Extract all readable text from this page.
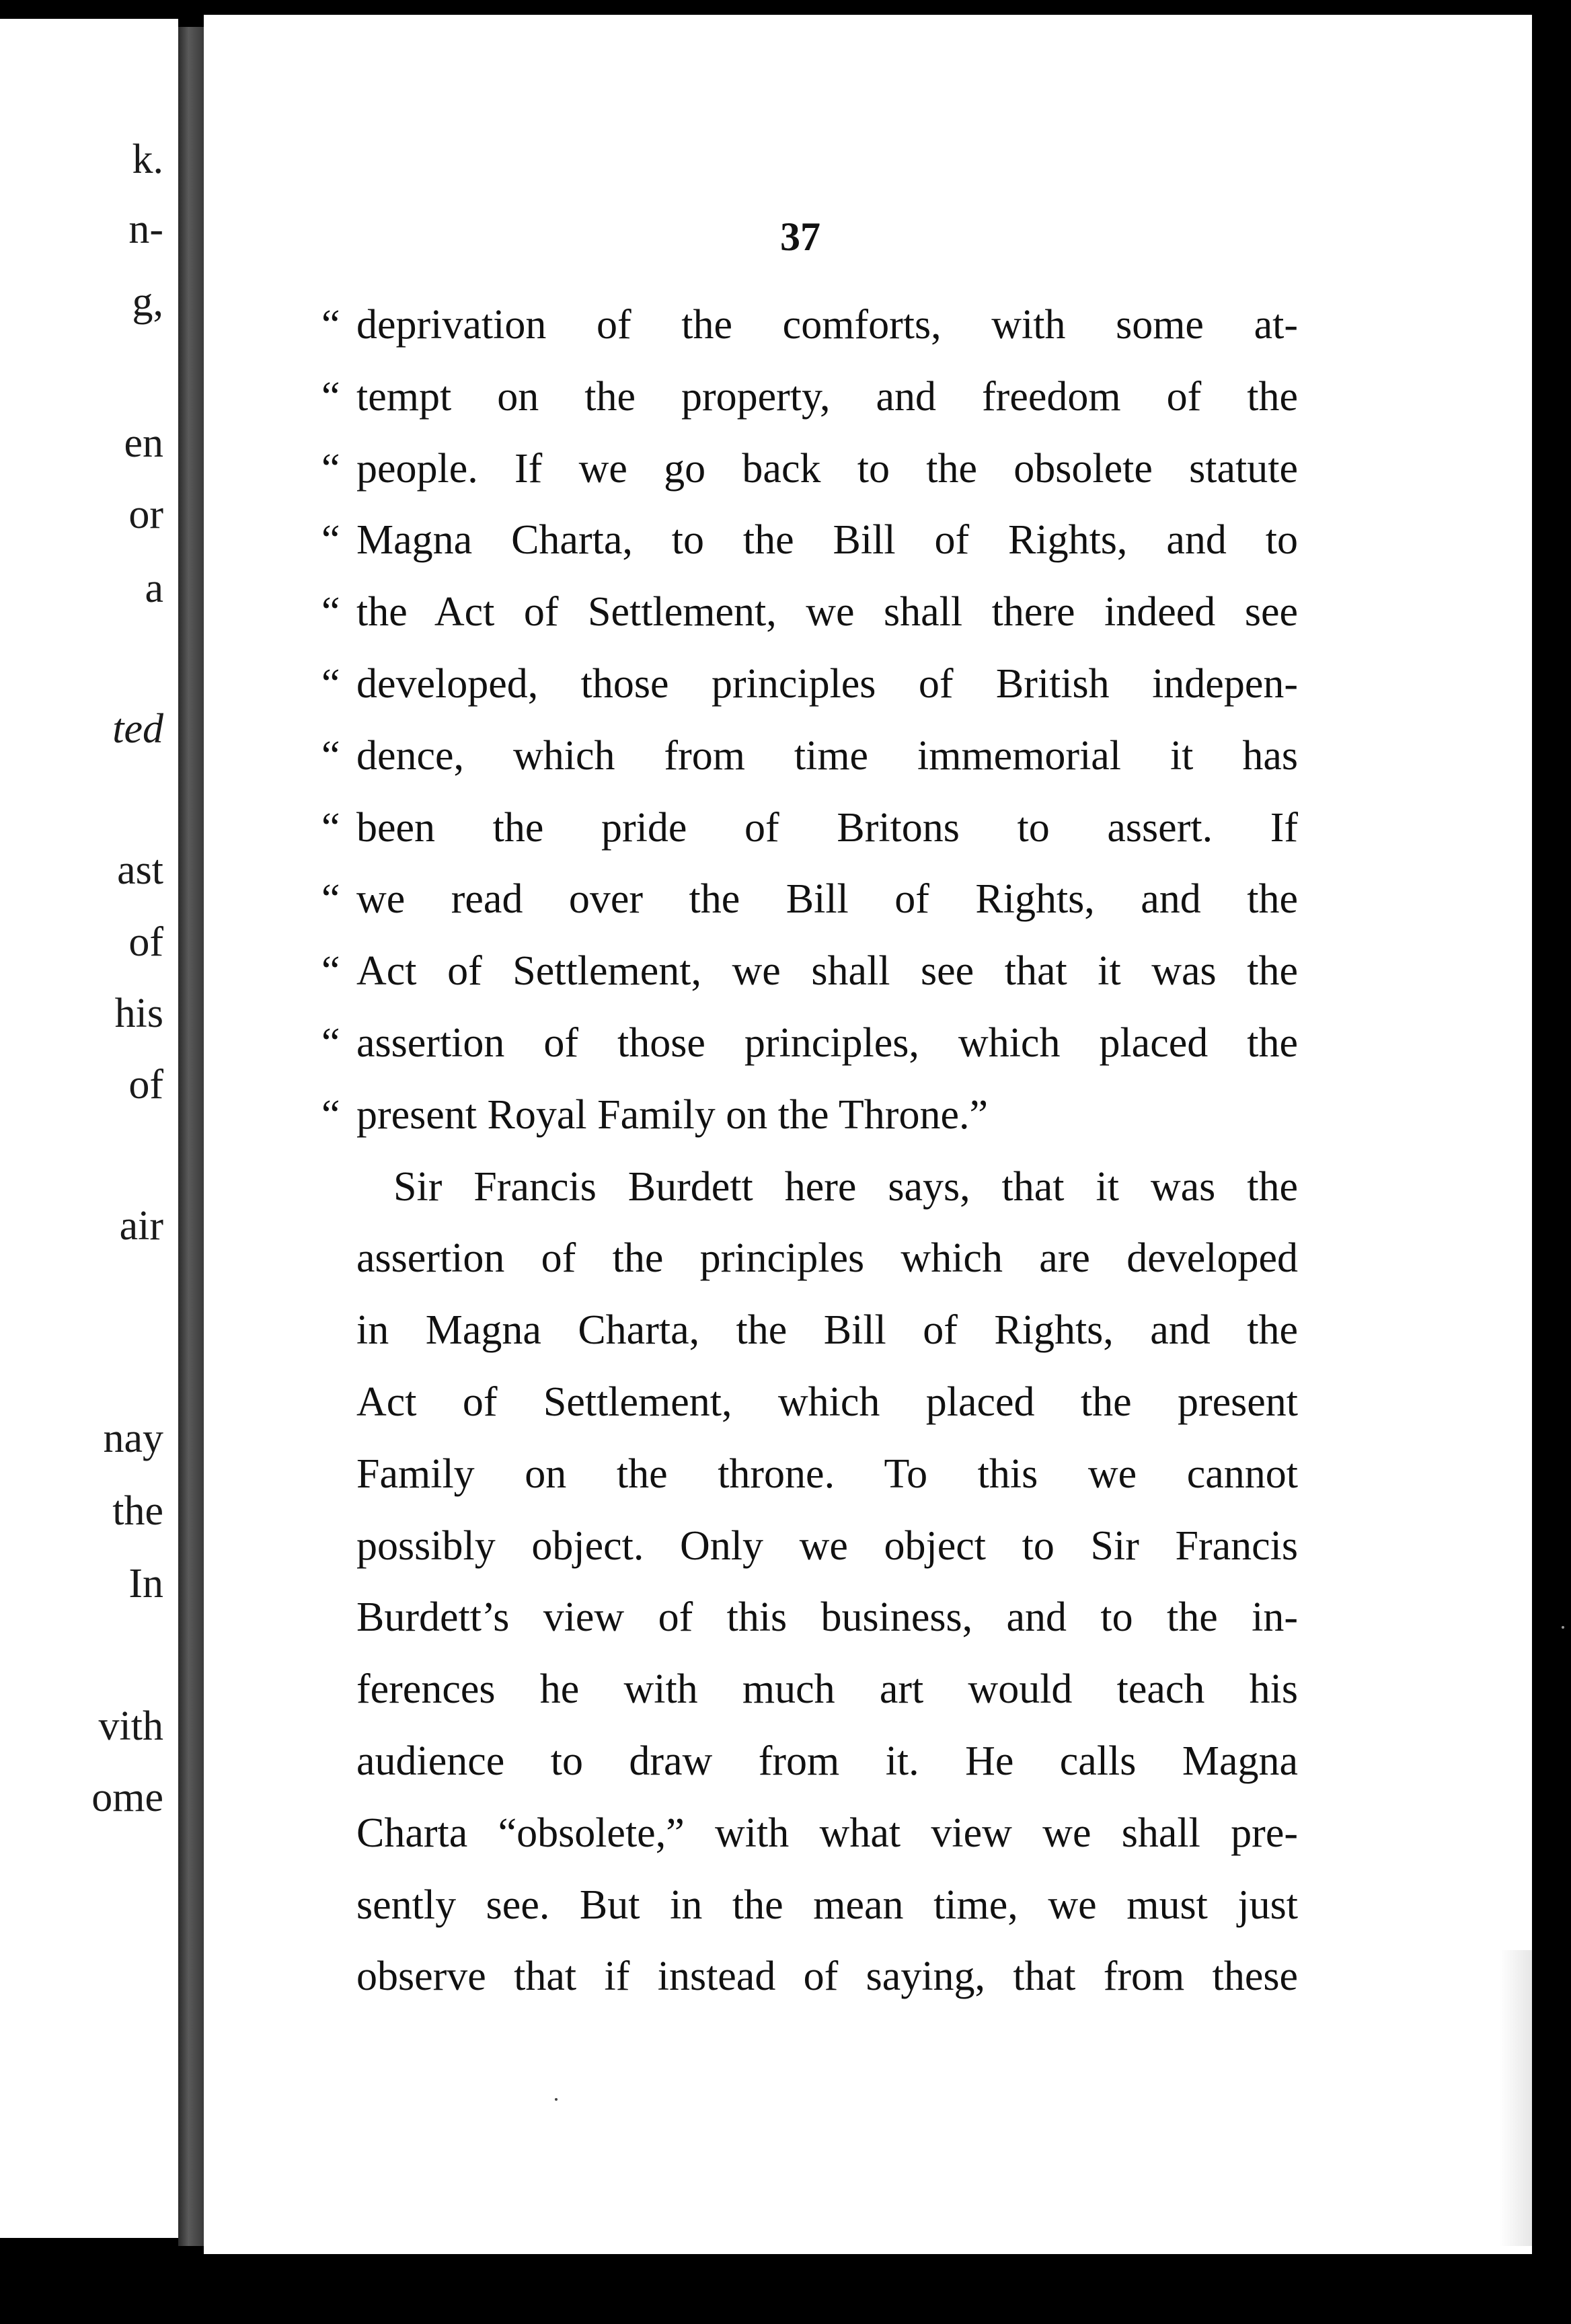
k.
n-
g,
en
or
a
ted
ast
of
his
of
air
nay
the
In
vith
ome
37
“ deprivation of the comforts, with some at-
“ tempt on the property, and freedom of the
“ people. If we go back to the obsolete statute
“ Magna Charta, to the Bill of Rights, and to
“ the Act of Settlement, we shall there indeed see
“ developed, those principles of British indepen-
“ dence, which from time immemorial it has
“ been the pride of Britons to assert. If
“ we read over the Bill of Rights, and the
“ Act of Settlement, we shall see that it was the
“ assertion of those principles, which placed the
“ present Royal Family on the Throne.”
Sir Francis Burdett here says, that it was the
assertion of the principles which are developed
in Magna Charta, the Bill of Rights, and the
Act of Settlement, which placed the present
Family on the throne. To this we cannot
possibly object. Only we object to Sir Francis
Burdett’s view of this business, and to the in-
ferences he with much art would teach his
audience to draw from it. He calls Magna
Charta “obsolete,” with what view we shall pre-
sently see. But in the mean time, we must just
observe that if instead of saying, that from these
